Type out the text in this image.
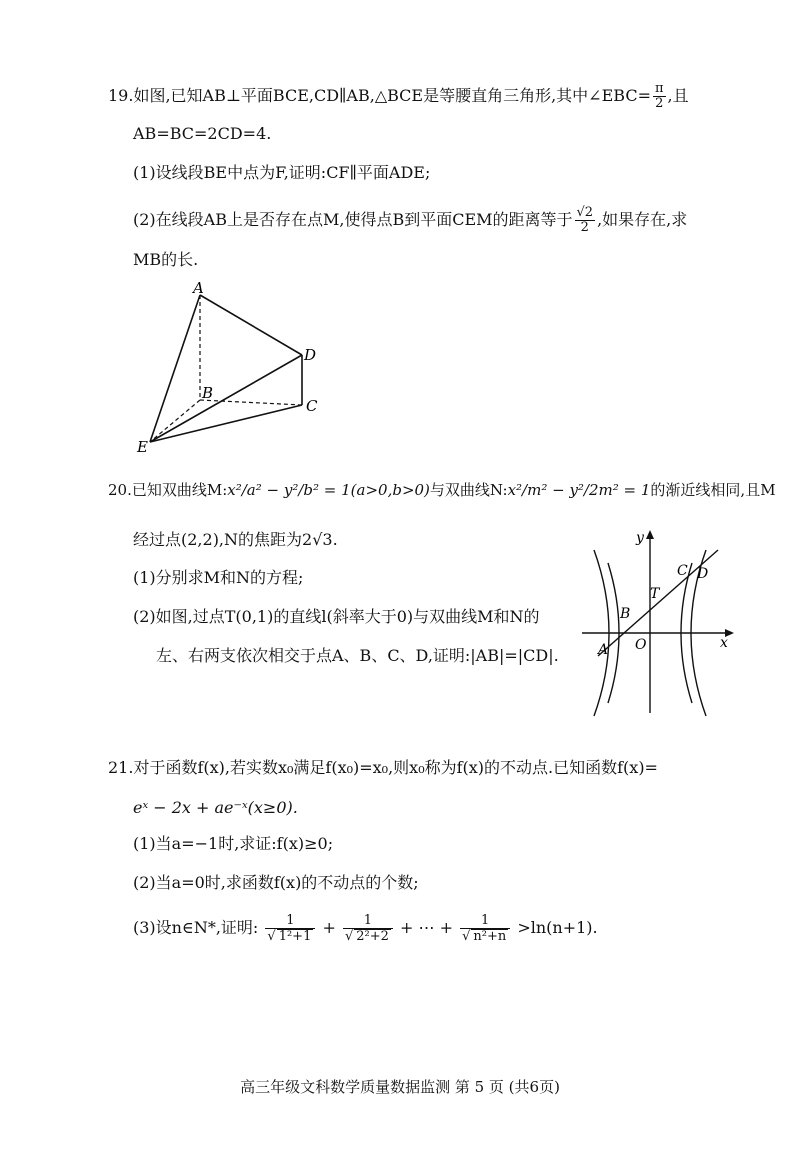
19.如图,已知AB⊥平面BCE,CD∥AB,△BCE是等腰直角三角形,其中∠EBC= $\frac{\pi}{2}$ ,且
AB=BC=2CD=4.
(1)设线段BE中点为F,证明:CF∥平面ADE;
(2)在线段AB上是否存在点M,使得点B到平面CEM的距离等于 $\frac{√2}{2}$ ,如果存在,求
MB的长.
A
B
C
D
E
20.已知双曲线M:x²/a² − y²/b² = 1(a>0,b>0)与双曲线N:x²/m² − y²/2m² = 1的渐近线相同,且M
经过点(2,2),N的焦距为2√3.
(1)分别求M和N的方程;
(2)如图,过点T(0,1)的直线l(斜率大于0)与双曲线M和N的
左、右两支依次相交于点A、B、C、D,证明:|AB|=|CD|.
y
x
O
T
A
B
C D
21.对于函数f(x),若实数x₀满足f(x₀)=x₀,则x₀称为f(x)的不动点.已知函数f(x)=
eˣ − 2x + ae⁻ˣ(x≥0).
(1)当a=−1时,求证:f(x)≥0;
(2)当a=0时,求函数f(x)的不动点的个数;
(3)设n∈N*,证明: $\frac{1}{\text{√ 1²+1}} + \frac{1}{\text{√ 2²+2}}$ + ⋯ + $\frac{1}{\text{√ n²+n}} >\ln(n+1)$.
高三年级文科数学质量数据监测 第 5 页 (共6页)
